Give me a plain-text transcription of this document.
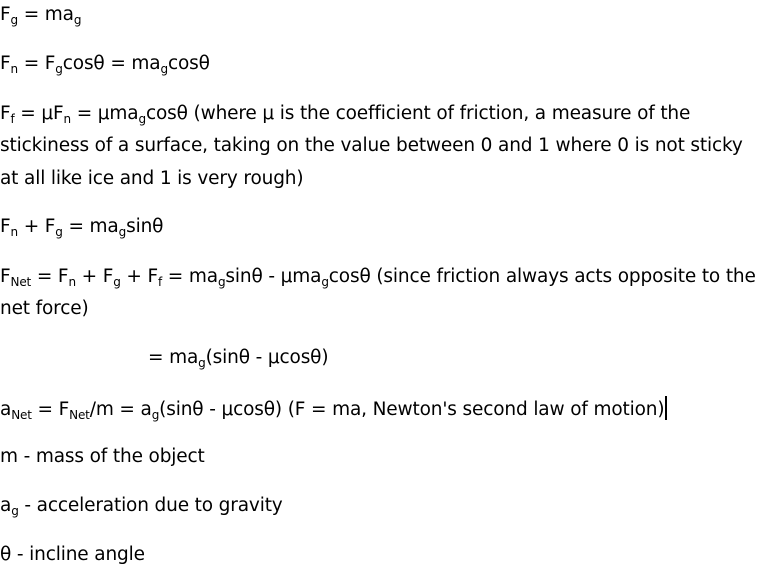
$F_g = ma_g$
$F_n = F_g\cos\theta = ma_g\cos\theta$
$F_f = \mu F_n = \mu ma_g\cos\theta$ (where μ is the coefficient of friction, a measure of the
stickiness of a surface, taking on the value between 0 and 1 where 0 is not sticky
at all like ice and 1 is very rough)
$F_n + F_g = ma_g\sin\theta$
$F_{Net} = F_n + F_g + F_f = ma_g\sin\theta - \mu ma_g\cos\theta$ (since friction always acts opposite to the
net force)
= $ma_g(\sin\theta - \mu\cos\theta)$
$a_{Net} = F_{Net}/m = a_g(\sin\theta - \mu\cos\theta) (F$ = ma, Newton's second law of motion)
m - mass of the object
$a_g$ - acceleration due to gravity
θ - incline angle
